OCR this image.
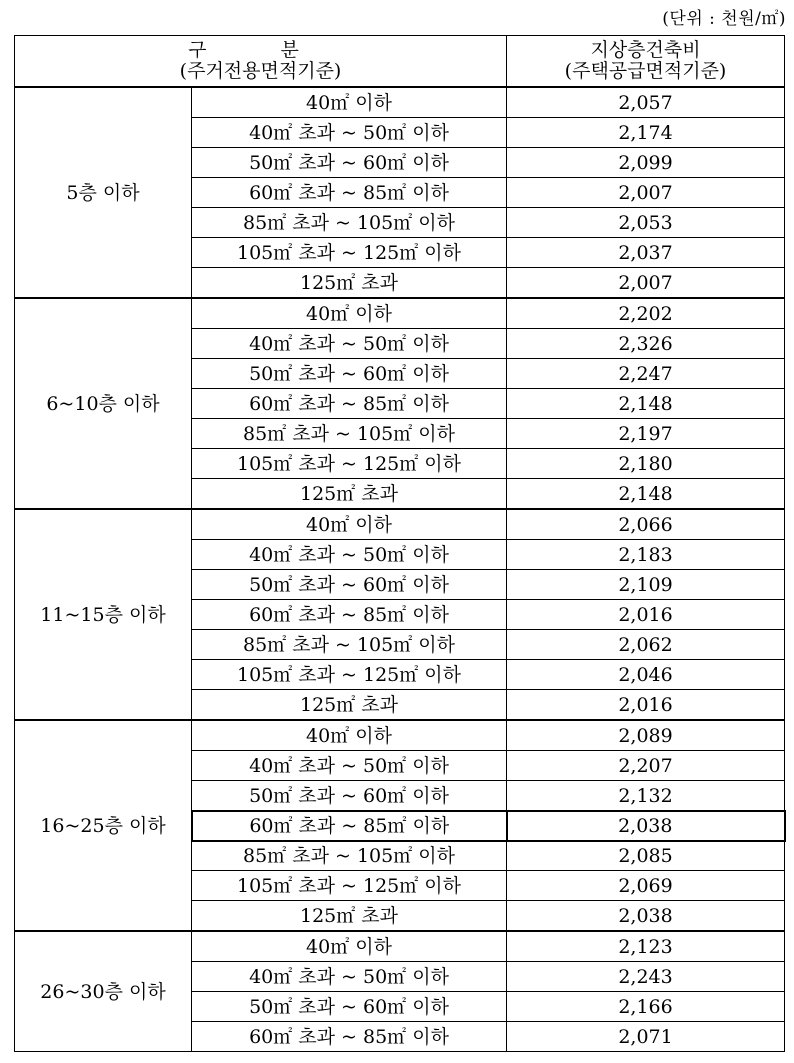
(단위 : 천원/㎡)
구 분
(주거전용면적기준)		지상층건축비
(주택공급면적기준)
5층 이하	40㎡ 이하	2,057
	40㎡ 초과 ~ 50㎡ 이하	2,174
	50㎡ 초과 ~ 60㎡ 이하	2,099
	60㎡ 초과 ~ 85㎡ 이하	2,007
	85㎡ 초과 ~ 105㎡ 이하	2,053
	105㎡ 초과 ~ 125㎡ 이하	2,037
	125㎡ 초과	2,007
6~10층 이하	40㎡ 이하	2,202
	40㎡ 초과 ~ 50㎡ 이하	2,326
	50㎡ 초과 ~ 60㎡ 이하	2,247
	60㎡ 초과 ~ 85㎡ 이하	2,148
	85㎡ 초과 ~ 105㎡ 이하	2,197
	105㎡ 초과 ~ 125㎡ 이하	2,180
	125㎡ 초과	2,148
11~15층 이하	40㎡ 이하	2,066
	40㎡ 초과 ~ 50㎡ 이하	2,183
	50㎡ 초과 ~ 60㎡ 이하	2,109
	60㎡ 초과 ~ 85㎡ 이하	2,016
	85㎡ 초과 ~ 105㎡ 이하	2,062
	105㎡ 초과 ~ 125㎡ 이하	2,046
	125㎡ 초과	2,016
16~25층 이하	40㎡ 이하	2,089
	40㎡ 초과 ~ 50㎡ 이하	2,207
	50㎡ 초과 ~ 60㎡ 이하	2,132
	60㎡ 초과 ~ 85㎡ 이하	2,038
	85㎡ 초과 ~ 105㎡ 이하	2,085
	105㎡ 초과 ~ 125㎡ 이하	2,069
	125㎡ 초과	2,038
26~30층 이하	40㎡ 이하	2,123
	40㎡ 초과 ~ 50㎡ 이하	2,243
	50㎡ 초과 ~ 60㎡ 이하	2,166
	60㎡ 초과 ~ 85㎡ 이하	2,071
